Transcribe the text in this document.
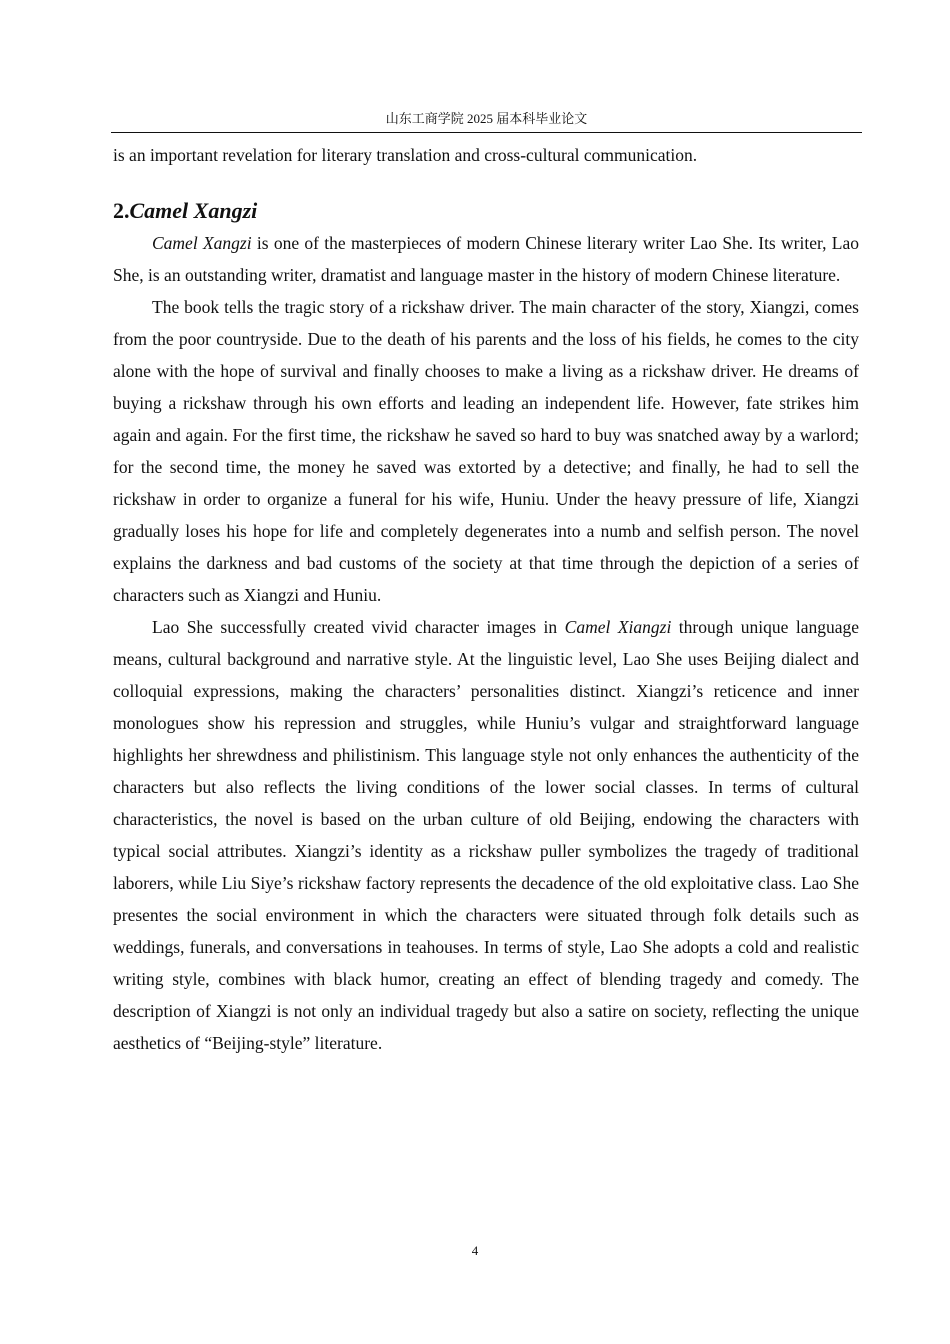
山东工商学院 2025 届本科毕业论文

is an important revelation for literary translation and cross-cultural communication.

2.Camel Xangzi

Camel Xangzi is one of the masterpieces of modern Chinese literary writer Lao She. Its writer, Lao She, is an outstanding writer, dramatist and language master in the history of modern Chinese literature.

The book tells the tragic story of a rickshaw driver. The main character of the story, Xiangzi, comes from the poor countryside. Due to the death of his parents and the loss of his fields, he comes to the city alone with the hope of survival and finally chooses to make a living as a rickshaw driver. He dreams of buying a rickshaw through his own efforts and leading an independent life. However, fate strikes him again and again. For the first time, the rickshaw he saved so hard to buy was snatched away by a warlord; for the second time, the money he saved was extorted by a detective; and finally, he had to sell the rickshaw in order to organize a funeral for his wife, Huniu. Under the heavy pressure of life, Xiangzi gradually loses his hope for life and completely degenerates into a numb and selfish person. The novel explains the darkness and bad customs of the society at that time through the depiction of a series of characters such as Xiangzi and Huniu.

Lao She successfully created vivid character images in Camel Xiangzi through unique language means, cultural background and narrative style. At the linguistic level, Lao She uses Beijing dialect and colloquial expressions, making the characters’ personalities distinct. Xiangzi’s reticence and inner monologues show his repression and struggles, while Huniu’s vulgar and straightforward language highlights her shrewdness and philistinism. This language style not only enhances the authenticity of the characters but also reflects the living conditions of the lower social classes. In terms of cultural characteristics, the novel is based on the urban culture of old Beijing, endowing the characters with typical social attributes. Xiangzi’s identity as a rickshaw puller symbolizes the tragedy of traditional laborers, while Liu Siye’s rickshaw factory represents the decadence of the old exploitative class. Lao She presentes the social environment in which the characters were situated through folk details such as weddings, funerals, and conversations in teahouses. In terms of style, Lao She adopts a cold and realistic writing style, combines with black humor, creating an effect of blending tragedy and comedy. The description of Xiangzi is not only an individual tragedy but also a satire on society, reflecting the unique aesthetics of “Beijing-style” literature.

4
